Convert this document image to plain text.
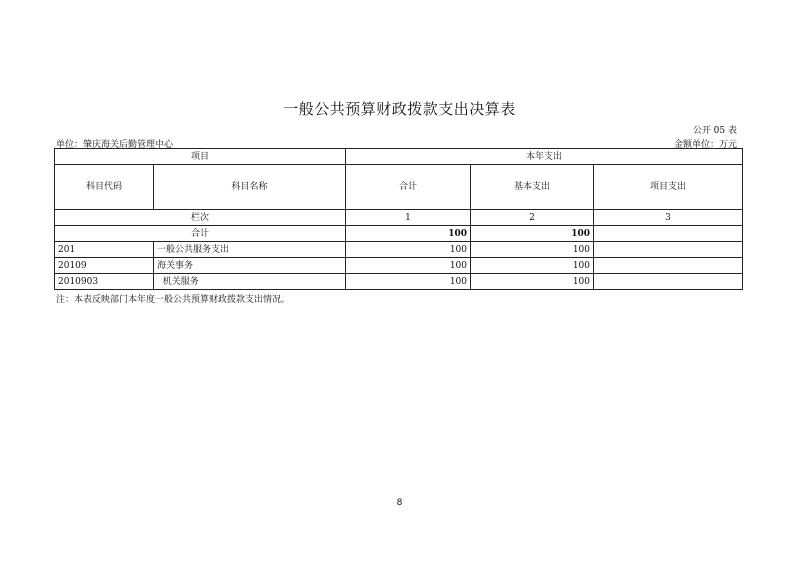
一般公共预算财政拨款支出决算表
公开 05 表
单位：肇庆海关后勤管理中心	金额单位：万元
项目		本年支出		
科目代码	科目名称	合计	基本支出	项目支出
栏次		1	2	3
合计		100	100	
201	一般公共服务支出	100	100	
20109	海关事务	100	100	
2010903	机关服务	100	100	
注：本表反映部门本年度一般公共预算财政拨款支出情况。
8
